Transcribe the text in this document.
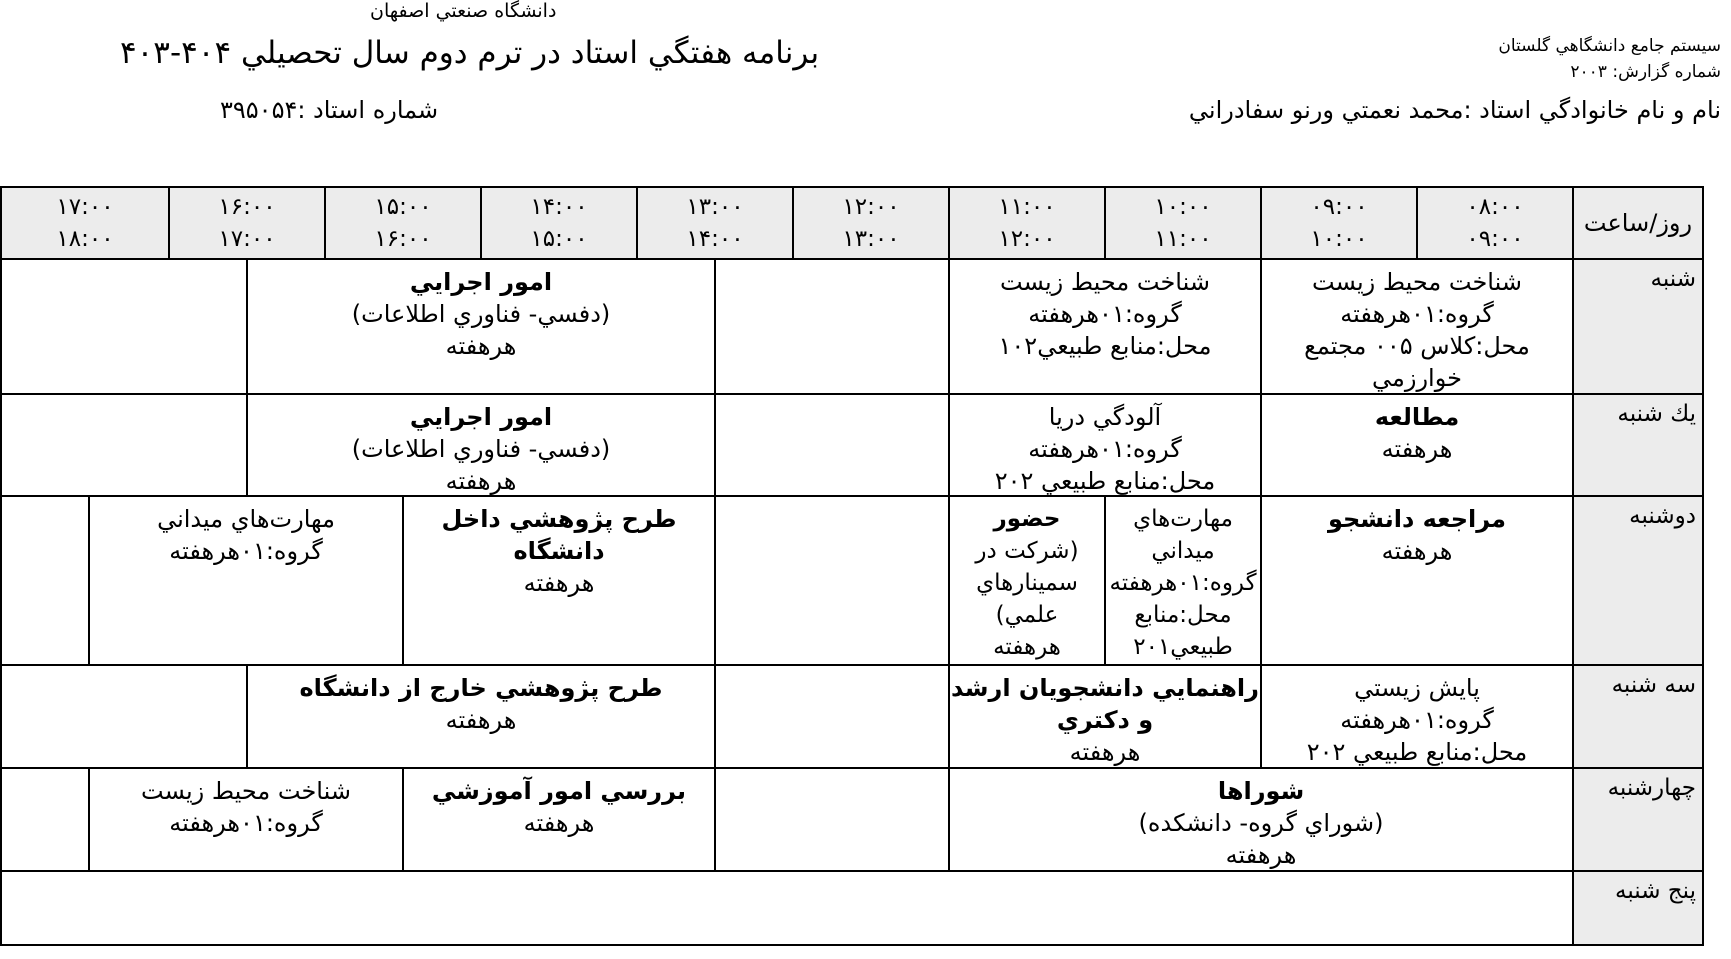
دانشگاه صنعتي اصفهان
برنامه هفتگي استاد در ترم دوم سال تحصيلي ۴۰۴-۴۰۳
شماره استاد :۳۹۵۰۵۴
سيستم جامع دانشگاهي گلستان
شماره گزارش: ۲۰۰۳
نام و نام خانوادگي استاد :محمد نعمتي ورنو سفادراني
روز/ساعت
۰۸:۰۰
۰۹:۰۰
۰۹:۰۰
۱۰:۰۰
۱۰:۰۰
۱۱:۰۰
۱۱:۰۰
۱۲:۰۰
۱۲:۰۰
۱۳:۰۰
۱۳:۰۰
۱۴:۰۰
۱۴:۰۰
۱۵:۰۰
۱۵:۰۰
۱۶:۰۰
۱۶:۰۰
۱۷:۰۰
۱۷:۰۰
۱۸:۰۰
شنبه
شناخت محيط زيست
گروه:۰۱هرهفته
محل:كلاس ۰۰۵ مجتمع خوارزمي
شناخت محيط زيست
گروه:۰۱هرهفته
محل:منابع طبيعي۱۰۲
امور اجرايي
(دفسي- فناوري اطلاعات)
هرهفته
يك شنبه
مطالعه
هرهفته
آلودگي دريا
گروه:۰۱هرهفته
محل:منابع طبيعي ۲۰۲
امور اجرايي
(دفسي- فناوري اطلاعات)
هرهفته
دوشنبه
مراجعه دانشجو
هرهفته
مهارت‌هاي ميداني
گروه:۰۱هرهفته
محل:منابع طبيعي۲۰۱
حضور
(شركت در سمينارهاي علمي)
هرهفته
طرح پژوهشي داخل دانشگاه
هرهفته
مهارت‌هاي ميداني
گروه:۰۱هرهفته
سه شنبه
پايش زيستي
گروه:۰۱هرهفته
محل:منابع طبيعي ۲۰۲
راهنمايي دانشجويان ارشد و دكتري
هرهفته
طرح پژوهشي خارج از دانشگاه
هرهفته
چهارشنبه
شوراها
(شوراي گروه- دانشكده)
هرهفته
بررسي امور آموزشي
هرهفته
شناخت محيط زيست
گروه:۰۱هرهفته
پنج شنبه
